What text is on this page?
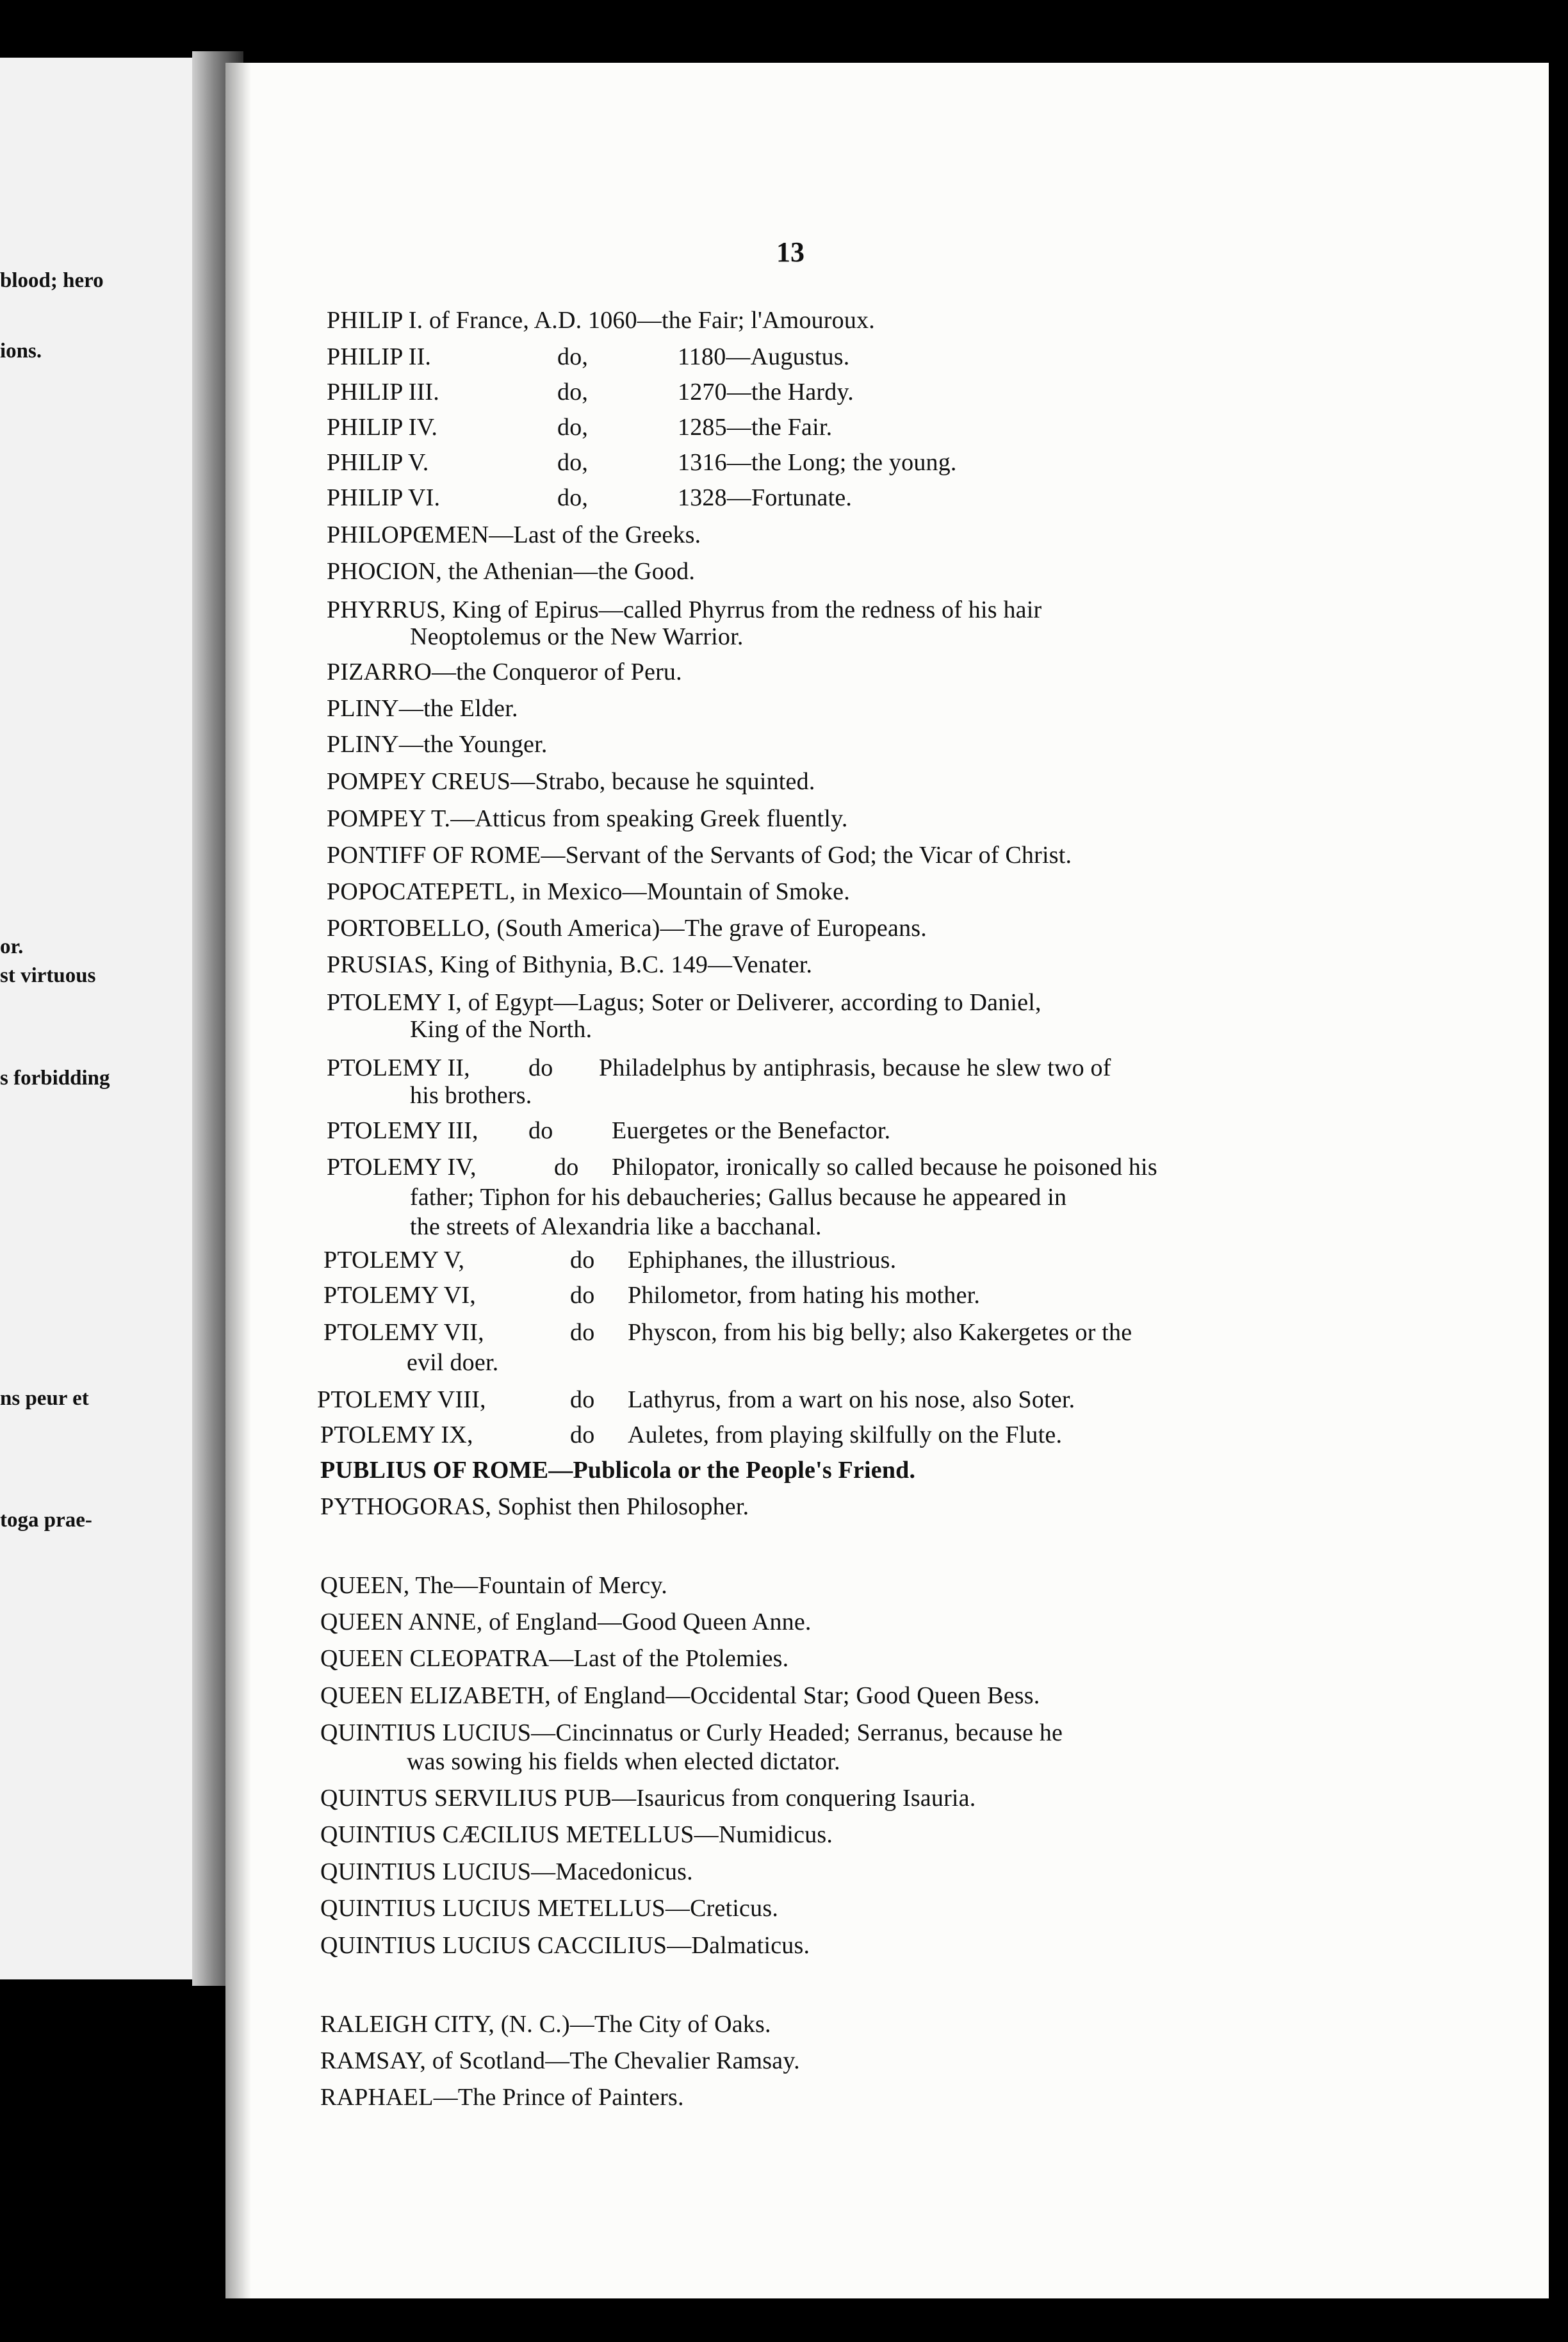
blood; hero
ions.
or.
st virtuous
s forbidding
ns peur et
toga prae-
13
PHILIP I. of France, A.D. 1060—the Fair; l'Amouroux.
PHILIP II.	do,	1180—Augustus.
PHILIP III.	do,	1270—the Hardy.
PHILIP IV.	do,	1285—the Fair.
PHILIP V.	do,	1316—the Long; the young.
PHILIP VI.	do,	1328—Fortunate.
PHILOPŒMEN—Last of the Greeks.
PHOCION, the Athenian—the Good.
PHYRRUS, King of Epirus—called Phyrrus from the redness of his hair
Neoptolemus or the New Warrior.
PIZARRO—the Conqueror of Peru.
PLINY—the Elder.
PLINY—the Younger.
POMPEY CREUS—Strabo, because he squinted.
POMPEY T.—Atticus from speaking Greek fluently.
PONTIFF OF ROME—Servant of the Servants of God; the Vicar of Christ.
POPOCATEPETL, in Mexico—Mountain of Smoke.
PORTOBELLO, (South America)—The grave of Europeans.
PRUSIAS, King of Bithynia, B.C. 149—Venater.
PTOLEMY I, of Egypt—Lagus; Soter or Deliverer, according to Daniel,
King of the North.
PTOLEMY II, do Philadelphus by antiphrasis, because he slew two of
his brothers.
PTOLEMY III, do Euergetes or the Benefactor.
PTOLEMY IV,	do Philopator, ironically so called because he poisoned his
father; Tiphon for his debaucheries; Gallus because he appeared in
the streets of Alexandria like a bacchanal.
PTOLEMY V,	do Ephiphanes, the illustrious.
PTOLEMY VI,	do Philometor, from hating his mother.
PTOLEMY VII,	do Physcon, from his big belly; also Kakergetes or the
evil doer.
PTOLEMY VIII,	do Lathyrus, from a wart on his nose, also Soter.
PTOLEMY IX,	do Auletes, from playing skilfully on the Flute.
PUBLIUS OF ROME—Publicola or the People's Friend.
PYTHOGORAS, Sophist then Philosopher.
QUEEN, The—Fountain of Mercy.
QUEEN ANNE, of England—Good Queen Anne.
QUEEN CLEOPATRA—Last of the Ptolemies.
QUEEN ELIZABETH, of England—Occidental Star; Good Queen Bess.
QUINTIUS LUCIUS—Cincinnatus or Curly Headed; Serranus, because he
was sowing his fields when elected dictator.
QUINTUS SERVILIUS PUB—Isauricus from conquering Isauria.
QUINTIUS CÆCILIUS METELLUS—Numidicus.
QUINTIUS LUCIUS—Macedonicus.
QUINTIUS LUCIUS METELLUS—Creticus.
QUINTIUS LUCIUS CACCILIUS—Dalmaticus.
RALEIGH CITY, (N. C.)—The City of Oaks.
RAMSAY, of Scotland—The Chevalier Ramsay.
RAPHAEL—The Prince of Painters.
